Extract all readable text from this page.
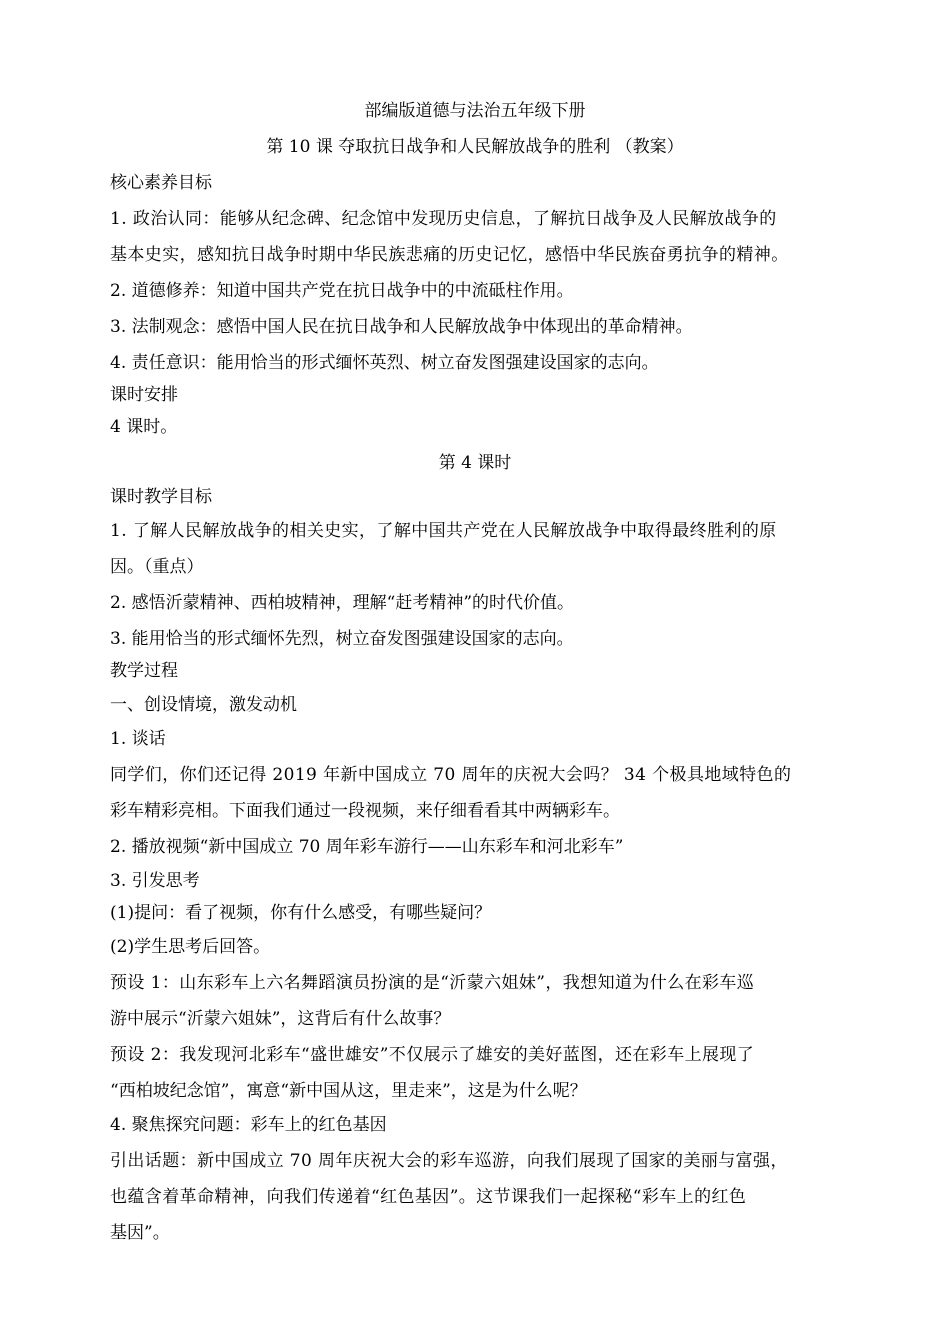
部编版道德与法治五年级下册
第 10 课 夺取抗日战争和人民解放战争的胜利 （教案）
核心素养目标
1. 政治认同：能够从纪念碑、纪念馆中发现历史信息，了解抗日战争及人民解放战争的
基本史实，感知抗日战争时期中华民族悲痛的历史记忆，感悟中华民族奋勇抗争的精神。
2. 道德修养：知道中国共产党在抗日战争中的中流砥柱作用。
3. 法制观念：感悟中国人民在抗日战争和人民解放战争中体现出的革命精神。
4. 责任意识：能用恰当的形式缅怀英烈、树立奋发图强建设国家的志向。
课时安排
4 课时。
第 4 课时
课时教学目标
1. 了解人民解放战争的相关史实，了解中国共产党在人民解放战争中取得最终胜利的原
因。（重点）
2. 感悟沂蒙精神、西柏坡精神，理解“赶考精神”的时代价值。
3. 能用恰当的形式缅怀先烈，树立奋发图强建设国家的志向。
教学过程
一、创设情境，激发动机
1. 谈话
同学们，你们还记得 2019 年新中国成立 70 周年的庆祝大会吗？ 34 个极具地域特色的
彩车精彩亮相。下面我们通过一段视频，来仔细看看其中两辆彩车。
2. 播放视频“新中国成立 70 周年彩车游行——山东彩车和河北彩车”
3. 引发思考
(1)提问：看了视频，你有什么感受，有哪些疑问？
(2)学生思考后回答。
预设 1：山东彩车上六名舞蹈演员扮演的是“沂蒙六姐妹”，我想知道为什么在彩车巡
游中展示“沂蒙六姐妹”，这背后有什么故事？
预设 2：我发现河北彩车“盛世雄安”不仅展示了雄安的美好蓝图，还在彩车上展现了
“西柏坡纪念馆”，寓意“新中国从这，里走来”，这是为什么呢？
4. 聚焦探究问题：彩车上的红色基因
引出话题：新中国成立 70 周年庆祝大会的彩车巡游，向我们展现了国家的美丽与富强，
也蕴含着革命精神，向我们传递着“红色基因”。这节课我们一起探秘“彩车上的红色
基因”。
